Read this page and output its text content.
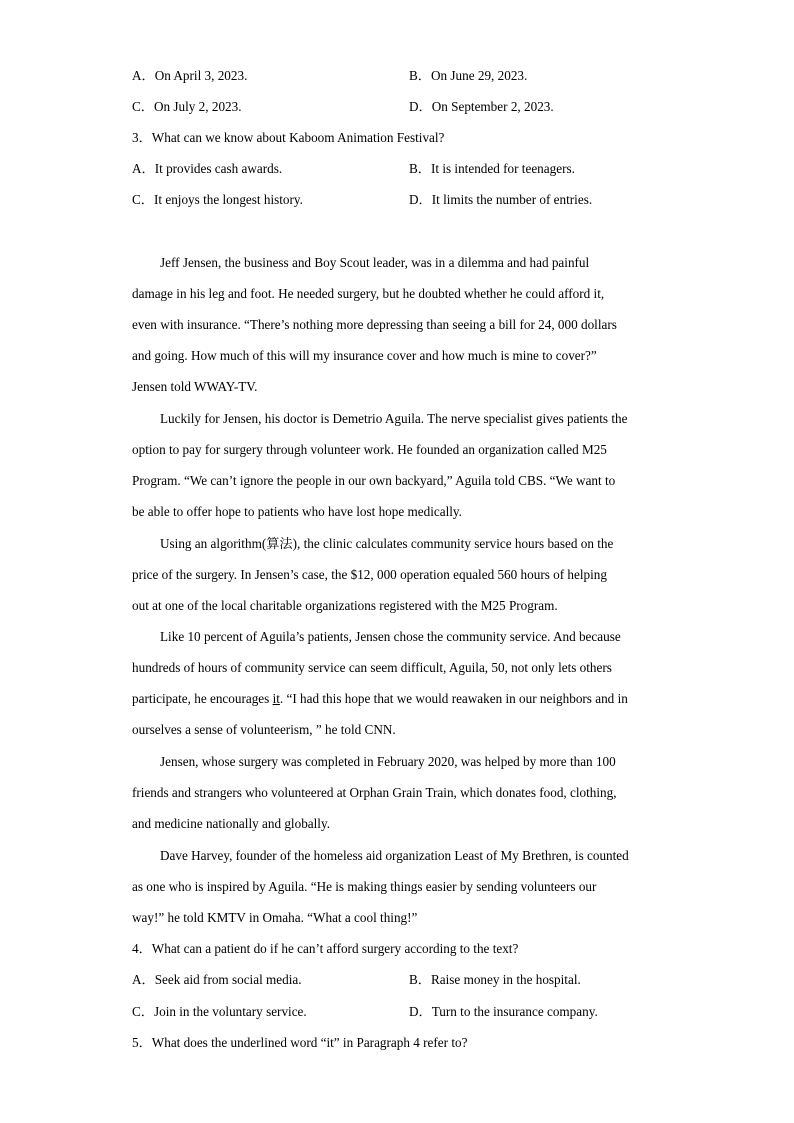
A．On April 3, 2023.	B．On June 29, 2023.
C．On July 2, 2023.	D．On September 2, 2023.
3．What can we know about Kaboom Animation Festival?
A．It provides cash awards.	B．It is intended for teenagers.
C．It enjoys the longest history.	D．It limits the number of entries.
Jeff Jensen, the business and Boy Scout leader, was in a dilemma and had painful
damage in his leg and foot. He needed surgery, but he doubted whether he could afford it,
even with insurance. “There’s nothing more depressing than seeing a bill for 24, 000 dollars
and going. How much of this will my insurance cover and how much is mine to cover?”
Jensen told WWAY-TV.
Luckily for Jensen, his doctor is Demetrio Aguila. The nerve specialist gives patients the
option to pay for surgery through volunteer work. He founded an organization called M25
Program. “We can’t ignore the people in our own backyard,” Aguila told CBS. “We want to
be able to offer hope to patients who have lost hope medically.
Using an algorithm(算法), the clinic calculates community service hours based on the
price of the surgery. In Jensen’s case, the $12, 000 operation equaled 560 hours of helping
out at one of the local charitable organizations registered with the M25 Program.
Like 10 percent of Aguila’s patients, Jensen chose the community service. And because
hundreds of hours of community service can seem difficult, Aguila, 50, not only lets others
participate, he encourages it. “I had this hope that we would reawaken in our neighbors and in
ourselves a sense of volunteerism, ” he told CNN.
Jensen, whose surgery was completed in February 2020, was helped by more than 100
friends and strangers who volunteered at Orphan Grain Train, which donates food, clothing,
and medicine nationally and globally.
Dave Harvey, founder of the homeless aid organization Least of My Brethren, is counted
as one who is inspired by Aguila. “He is making things easier by sending volunteers our
way!” he told KMTV in Omaha. “What a cool thing!”
4．What can a patient do if he can’t afford surgery according to the text?
A．Seek aid from social media.	B．Raise money in the hospital.
C．Join in the voluntary service.	D．Turn to the insurance company.
5．What does the underlined word “it” in Paragraph 4 refer to?
